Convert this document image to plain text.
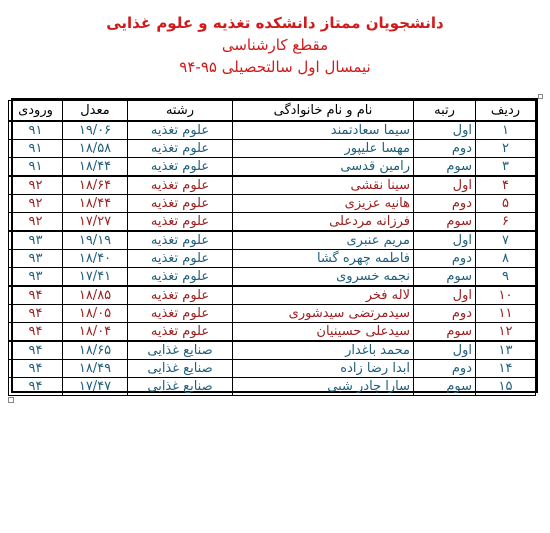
دانشجویان ممتاز دانشکده تغذیه و علوم غذایی
مقطع کارشناسی
نیمسال اول سالتحصیلی ۹۵-۹۴
ردیف	رتبه	نام و نام خانوادگی	رشته	معدل	ورودی
۱	اول	سیما سعادتمند	علوم تغذیه	۱۹/۰۶	۹۱
۲	دوم	مهسا علیپور	علوم تغذیه	۱۸/۵۸	۹۱
۳	سوم	رامین قدسی	علوم تغذیه	۱۸/۴۴	۹۱
۴	اول	سینا نقشی	علوم تغذیه	۱۸/۶۴	۹۲
۵	دوم	هانیه عزیزی	علوم تغذیه	۱۸/۴۴	۹۲
۶	سوم	فرزانه مردعلی	علوم تغذیه	۱۷/۲۷	۹۲
۷	اول	مریم عنبری	علوم تغذیه	۱۹/۱۹	۹۳
۸	دوم	فاطمه چهره گشا	علوم تغذیه	۱۸/۴۰	۹۳
۹	سوم	نجمه خسروی	علوم تغذیه	۱۷/۴۱	۹۳
۱۰	اول	لاله فخر	علوم تغذیه	۱۸/۸۵	۹۴
۱۱	دوم	سیدمرتضی سیدشوری	علوم تغذیه	۱۸/۰۵	۹۴
۱۲	سوم	سیدعلی حسینیان	علوم تغذیه	۱۸/۰۴	۹۴
۱۳	اول	محمد باغدار	صنایع غذایی	۱۸/۶۵	۹۴
۱۴	دوم	ابدا رضا زاده	صنایع غذایی	۱۸/۴۹	۹۴
۱۵	سوم	سارا چادر شبی	صنایع غذایی	۱۷/۴۷	۹۴
